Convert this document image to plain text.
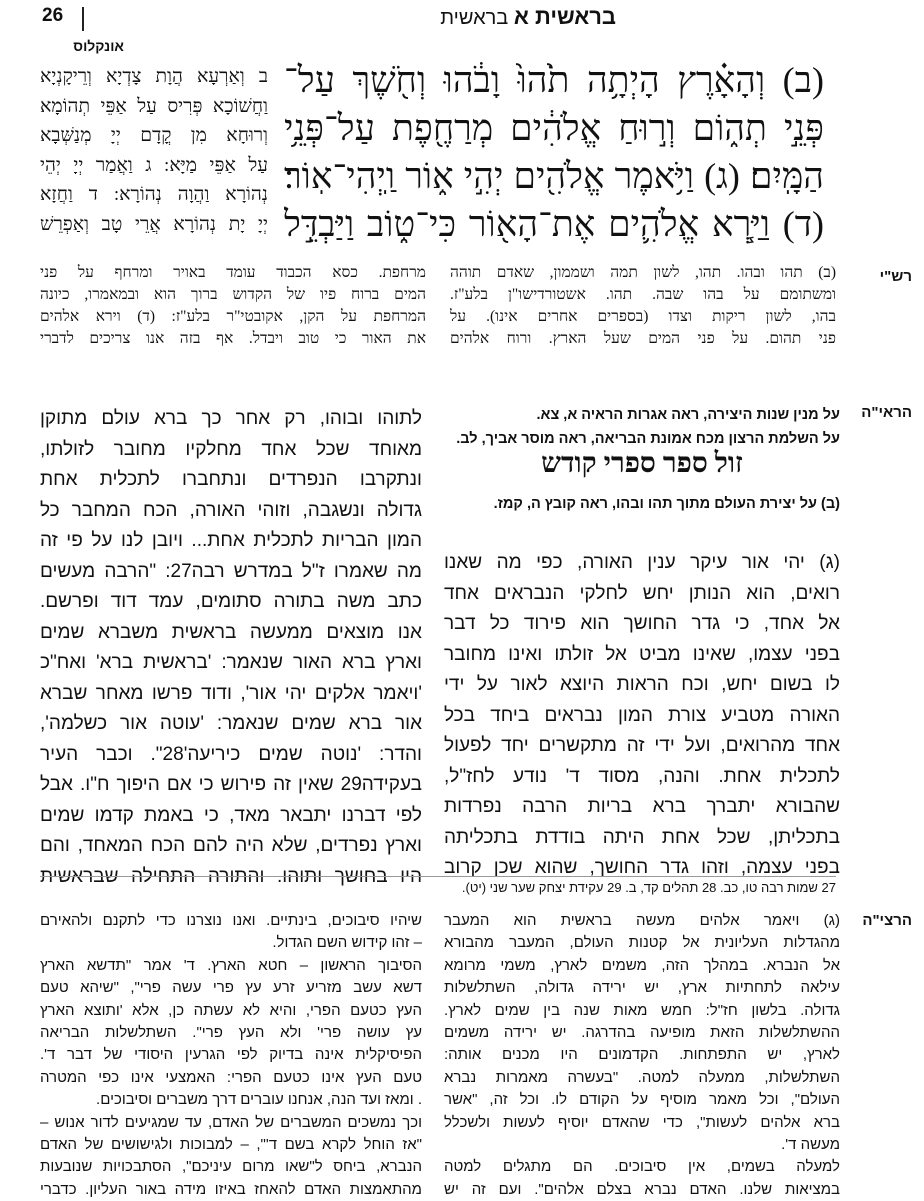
26	בראשית א בראשית
אונקלוס
ב וְאַרְעָא הֲוָת צָדְיָא וְרֵיקָנְיָא
וַחֲשׁוֹכָא פְּרִיס עַל אַפֵּי תְהוֹמָא
וְרוּחָא מִן קֳדָם יְיָ מְנַשְּׁבָא
עַל אַפֵּי מַיָּא: ג וַאֲמַר יְיָ יְהֵי
נְהוֹרָא וַהֲוָה נְהוֹרָא: ד וַחֲזָא
יְיָ יָת נְהוֹרָא אֲרֵי טָב וְאַפְרֵשׁ
(ב) וְהָאָ֗רֶץ הָיְתָ֥ה תֹ֙הוּ֙ וָבֹ֔הוּ וְחֹ֖שֶׁךְ עַל־
פְּנֵ֣י תְה֑וֹם וְר֣וּחַ אֱלֹהִ֔ים מְרַחֶ֖פֶת עַל־פְּנֵ֥י
הַמָּֽיִם׃ (ג) וַיֹּ֥אמֶר אֱלֹהִ֖ים יְהִ֣י א֑וֹר וַֽיְהִי־אֽוֹר׃
(ד) וַיַּ֧רְא אֱלֹהִ֛ים אֶת־הָא֖וֹר כִּי־ט֑וֹב וַיַּבְדֵּ֣ל
רש"י
(ב) תהו ובהו. תהו, לשון תמה ושממון, שאדם תוהה
ומשתומם על בהו שבה. תהו. אשטורדישו"ן בלע"ז.
בהו, לשון ריקות וצדו (בספרים אחרים אינו). על
פני תהום. על פני המים שעל הארץ. ורוח אלהים
מרחפת. כסא הכבוד עומד באויר ומרחף על פני
המים ברוח פיו של הקדוש ברוך הוא ובמאמרו, כיונה
המרחפת על הקן, אקובטי"ר בלע"ז: (ד) וירא אלהים
את האור כי טוב ויבדל. אף בזה אנו צריכים לדברי
הראי"ה
על מנין שנות היצירה, ראה אגרות הראיה א, צא.
על השלמת הרצון מכח אמונת הבריאה, ראה מוסר אביך, לב.
זול ספר ספרי קודש
(ב) על יצירת העולם מתוך תהו ובהו, ראה קובץ ה, קמז.
(ג) יהי אור עיקר ענין האורה, כפי מה שאנו
רואים, הוא הנותן יחש לחלקי הנבראים אחד
אל אחד, כי גדר החושך הוא פירוד כל דבר
בפני עצמו, שאינו מביט אל זולתו ואינו מחובר
לו בשום יחש, וכח הראות היוצא לאור על ידי
האורה מטביע צורת המון נבראים ביחד בכל
אחד מהרואים, ועל ידי זה מתקשרים יחד לפעול
לתכלית אחת. והנה, מסוד ד' נודע לחז"ל,
שהבורא יתברך ברא בריות הרבה נפרדות
בתכליתן, שכל אחת היתה בודדת בתכליתה
בפני עצמה, וזהו גדר החושך, שהוא שכן קרוב
לתוהו ובוהו, רק אחר כך ברא עולם מתוקן
מאוחד שכל אחד מחלקיו מחובר לזולתו,
ונתקרבו הנפרדים ונתחברו לתכלית אחת
גדולה ונשגבה, וזוהי האורה, הכח המחבר כל
המון הבריות לתכלית אחת... ויובן לנו על פי זה
מה שאמרו ז"ל במדרש רבה27: "הרבה מעשים
כתב משה בתורה סתומים, עמד דוד ופרשם.
אנו מוצאים ממעשה בראשית משברא שמים
וארץ ברא האור שנאמר: 'בראשית ברא' ואח"כ
'ויאמר אלקים יהי אור', ודוד פרשו מאחר שברא
אור ברא שמים שנאמר: 'עוטה אור כשלמה',
והדר: 'נוטה שמים כיריעה'28". וכבר העיר
בעקידה29 שאין זה פירוש כי אם היפוך ח"ו. אבל
לפי דברנו יתבאר מאד, כי באמת קדמו שמים
וארץ נפרדים, שלא היה להם הכח המאחד, והם
היו בחושך ותוהו. והתורה התחילה שבראשית
27 שמות רבה טו, כב. 28 תהלים קד, ב. 29 עקידת יצחק שער שני (יט).
הרצי"ה
(ג) ויאמר אלהים מעשה בראשית הוא המעבר
מהגדלות העליונית אל קטנות העולם, המעבר מהבורא
אל הנברא. במהלך הזה, משמים לארץ, משמי מרומא
עילאה לתחתיות ארץ, יש ירידה גדולה, השתלשלות
גדולה. בלשון חז"ל: חמש מאות שנה בין שמים לארץ.
ההשתלשלות הזאת מופיעה בהדרגה. יש ירידה משמים
לארץ, יש התפתחות. הקדמונים היו מכנים אותה:
השתלשלות, ממעלה למטה. "בעשרה מאמרות נברא
העולם", וכל מאמר מוסיף על הקודם לו. וכל זה, "אשר
ברא אלהים לעשות", כדי שהאדם יוסיף לעשות ולשכלל
מעשה ד'.
למעלה בשמים, אין סיבוכים. הם מתגלים למטה
במציאות שלנו. האדם נברא בצלם אלהים". ועם זה יש
שיהיו סיבוכים, בינתיים. ואנו נוצרנו כדי לתקנם ולהאירם
– זהו קידוש השם הגדול.
הסיבוך הראשון – חטא הארץ. ד' אמר "תדשא הארץ
דשא עשב מזריע זרע עץ פרי עשה פרי", "שיהא טעם
העץ כטעם הפרי, והיא לא עשתה כן, אלא 'ותוצא הארץ
עץ עושה פרי' ולא העץ פרי". השתלשלות הבריאה
הפיסיקלית אינה בדיוק לפי הגרעין היסודי של דבר ד'.
טעם העץ אינו כטעם הפרי: האמצעי אינו כפי המטרה
. ומאז ועד הנה, אנחנו עוברים דרך משברים וסיבוכים.
וכך נמשכים המשברים של האדם, עד שמגיעים לדור אנוש –
"אז הוחל לקרא בשם ד'", – למבוכות ולגישושים של האדם
הנברא, ביחס ל"שאו מרום עיניכם", הסתבכויות שנובעות
מהתאמצות האדם להאחז באיזו מידה באור העליון. כדברי
